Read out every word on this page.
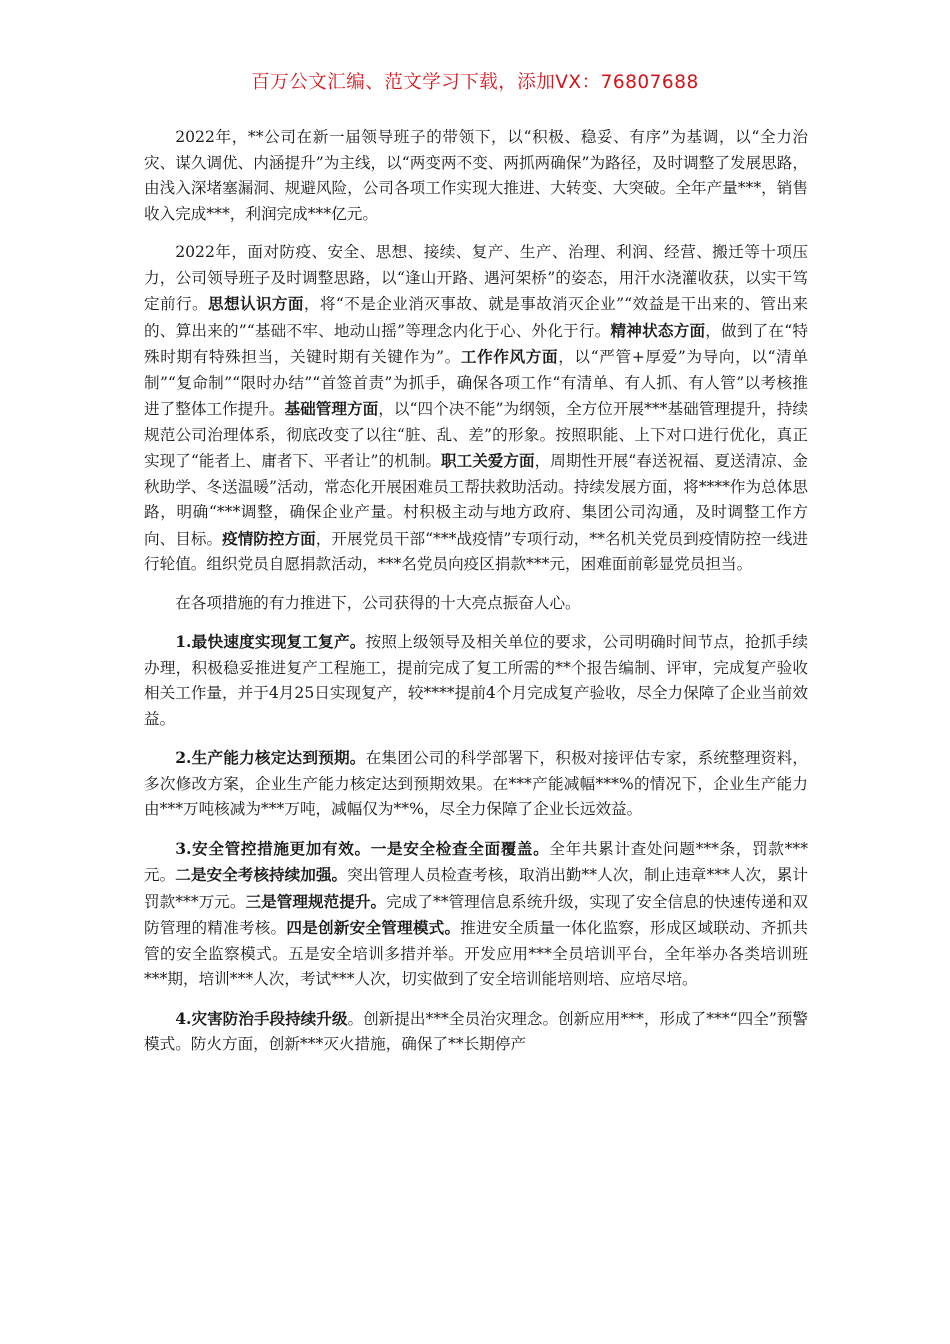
百万公文汇编、范文学习下载，添加VX：76807688

2022年，**公司在新一届领导班子的带领下，以“积极、稳妥、有序”为基调，以“全力治灾、谋久调优、内涵提升”为主线，以“两变两不变、两抓两确保”为路径，及时调整了发展思路，由浅入深堵塞漏洞、规避风险，公司各项工作实现大推进、大转变、大突破。全年产量***，销售收入完成***，利润完成***亿元。

2022年，面对防疫、安全、思想、接续、复产、生产、治理、利润、经营、搬迁等十项压力，公司领导班子及时调整思路，以“逢山开路、遇河架桥”的姿态，用汗水浇灌收获，以实干笃定前行。思想认识方面，将“不是企业消灭事故、就是事故消灭企业”“效益是干出来的、管出来的、算出来的”“基础不牢、地动山摇”等理念内化于心、外化于行。精神状态方面，做到了在“特殊时期有特殊担当，关键时期有关键作为”。工作作风方面，以“严管+厚爱”为导向，以“清单制”“复命制”“限时办结”“首签首责”为抓手，确保各项工作“有清单、有人抓、有人管”以考核推进了整体工作提升。基础管理方面，以“四个决不能”为纲领，全方位开展***基础管理提升，持续规范公司治理体系，彻底改变了以往“脏、乱、差”的形象。按照职能、上下对口进行优化，真正实现了“能者上、庸者下、平者让”的机制。职工关爱方面，周期性开展“春送祝福、夏送清凉、金秋助学、冬送温暖”活动，常态化开展困难员工帮扶救助活动。持续发展方面，将****作为总体思路，明确“***调整，确保企业产量。村积极主动与地方政府、集团公司沟通，及时调整工作方向、目标。疫情防控方面，开展党员干部“***战疫情”专项行动，**名机关党员到疫情防控一线进行轮值。组织党员自愿捐款活动，***名党员向疫区捐款***元，困难面前彰显党员担当。

在各项措施的有力推进下，公司获得的十大亮点振奋人心。

1.最快速度实现复工复产。按照上级领导及相关单位的要求，公司明确时间节点，抢抓手续办理，积极稳妥推进复产工程施工，提前完成了复工所需的**个报告编制、评审，完成复产验收相关工作量，并于4月25日实现复产，较****提前4个月完成复产验收，尽全力保障了企业当前效益。

2.生产能力核定达到预期。在集团公司的科学部署下，积极对接评估专家，系统整理资料，多次修改方案，企业生产能力核定达到预期效果。在***产能减幅***%的情况下，企业生产能力由***万吨核减为***万吨，减幅仅为**%，尽全力保障了企业长远效益。

3.安全管控措施更加有效。一是安全检查全面覆盖。全年共累计查处问题***条，罚款***元。二是安全考核持续加强。突出管理人员检查考核，取消出勤**人次，制止违章***人次，累计罚款***万元。三是管理规范提升。完成了**管理信息系统升级，实现了安全信息的快速传递和双防管理的精准考核。四是创新安全管理模式。推进安全质量一体化监察，形成区域联动、齐抓共管的安全监察模式。五是安全培训多措并举。开发应用***全员培训平台，全年举办各类培训班***期，培训***人次，考试***人次，切实做到了安全培训能培则培、应培尽培。

4.灾害防治手段持续升级。创新提出***全员治灾理念。创新应用***，形成了***“四全”预警模式。防火方面，创新***灭火措施，确保了**长期停产
